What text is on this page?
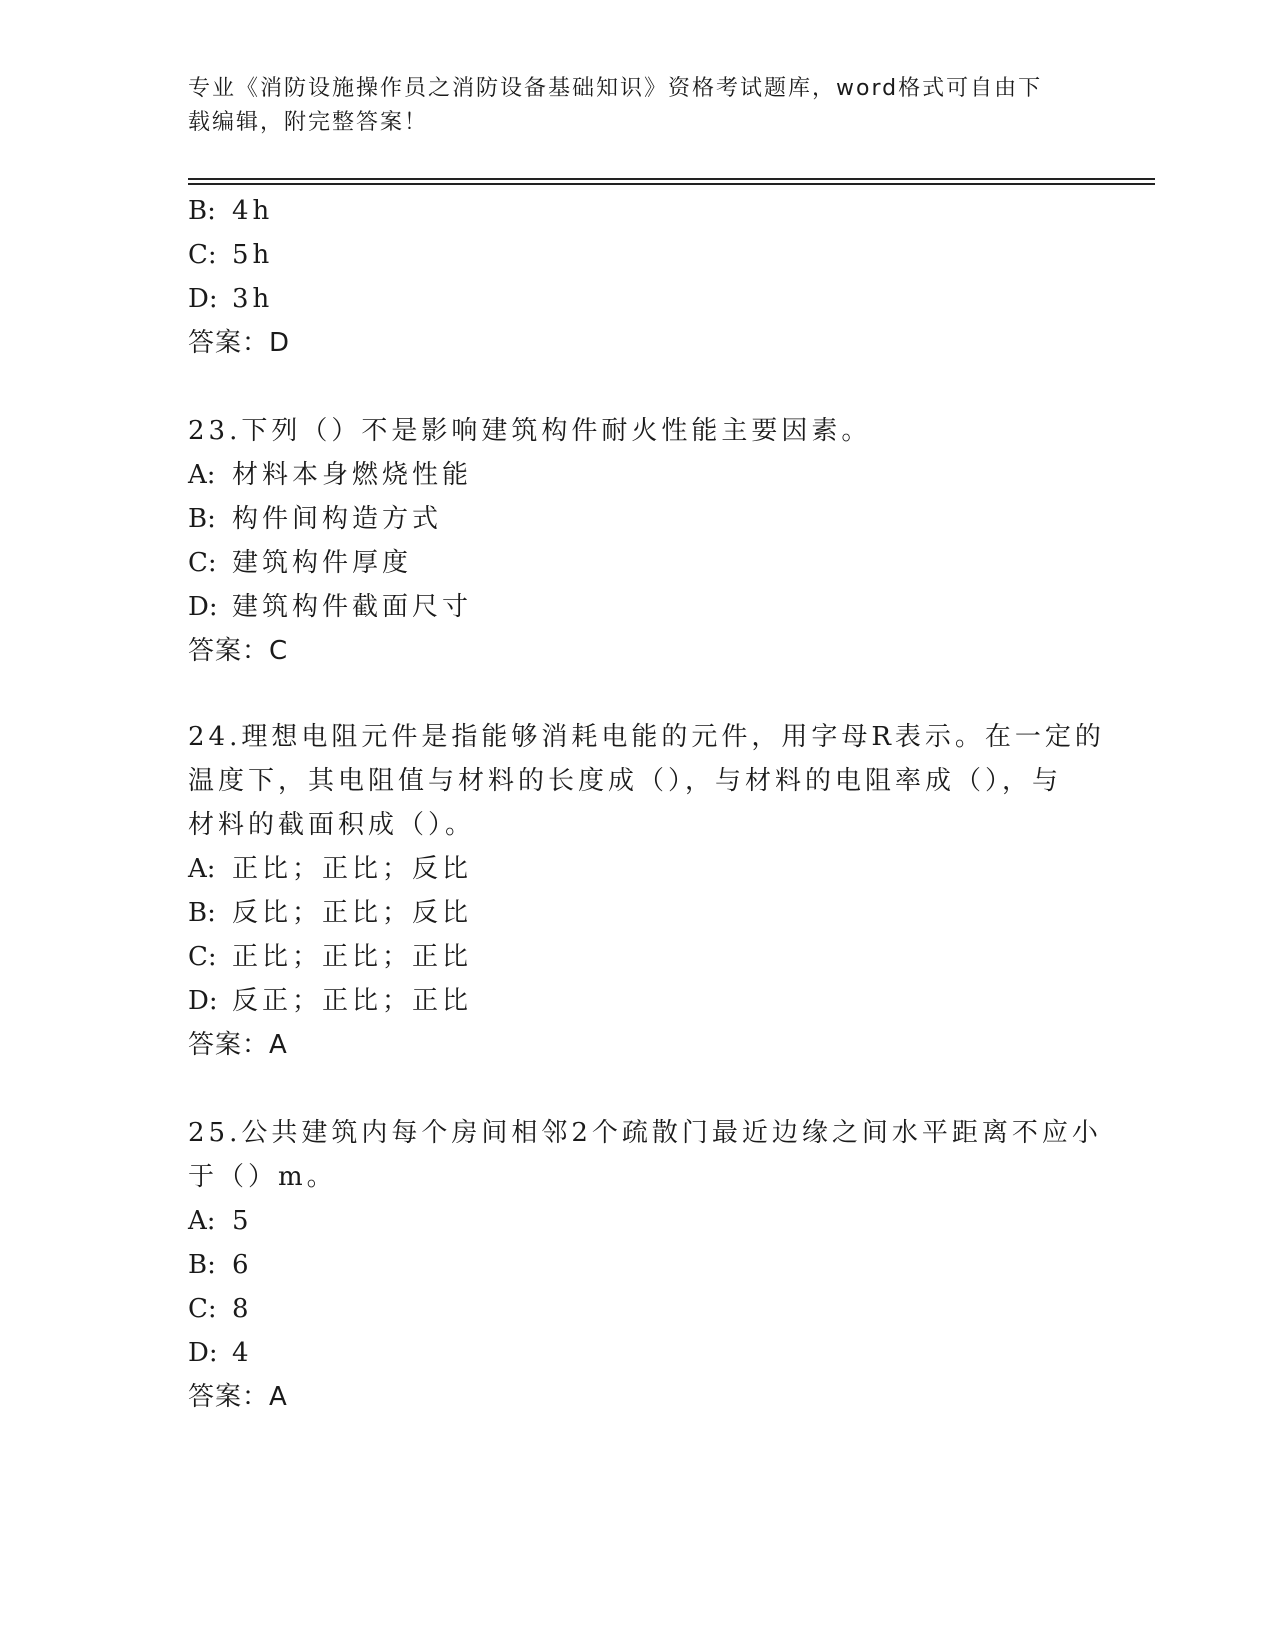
专业《消防设施操作员之消防设备基础知识》资格考试题库，word格式可自由下
载编辑，附完整答案！
B: 4h
C: 5h
D: 3h
答案：D
23.下列（）不是影响建筑构件耐火性能主要因素。
A: 材料本身燃烧性能
B: 构件间构造方式
C: 建筑构件厚度
D: 建筑构件截面尺寸
答案：C
24.理想电阻元件是指能够消耗电能的元件，用字母R表示。在一定的
温度下，其电阻值与材料的长度成（），与材料的电阻率成（），与
材料的截面积成（）。
A: 正比；正比；反比
B: 反比；正比；反比
C: 正比；正比；正比
D: 反正；正比；正比
答案：A
25.公共建筑内每个房间相邻2个疏散门最近边缘之间水平距离不应小
于（）m。
A: 5
B: 6
C: 8
D: 4
答案：A
